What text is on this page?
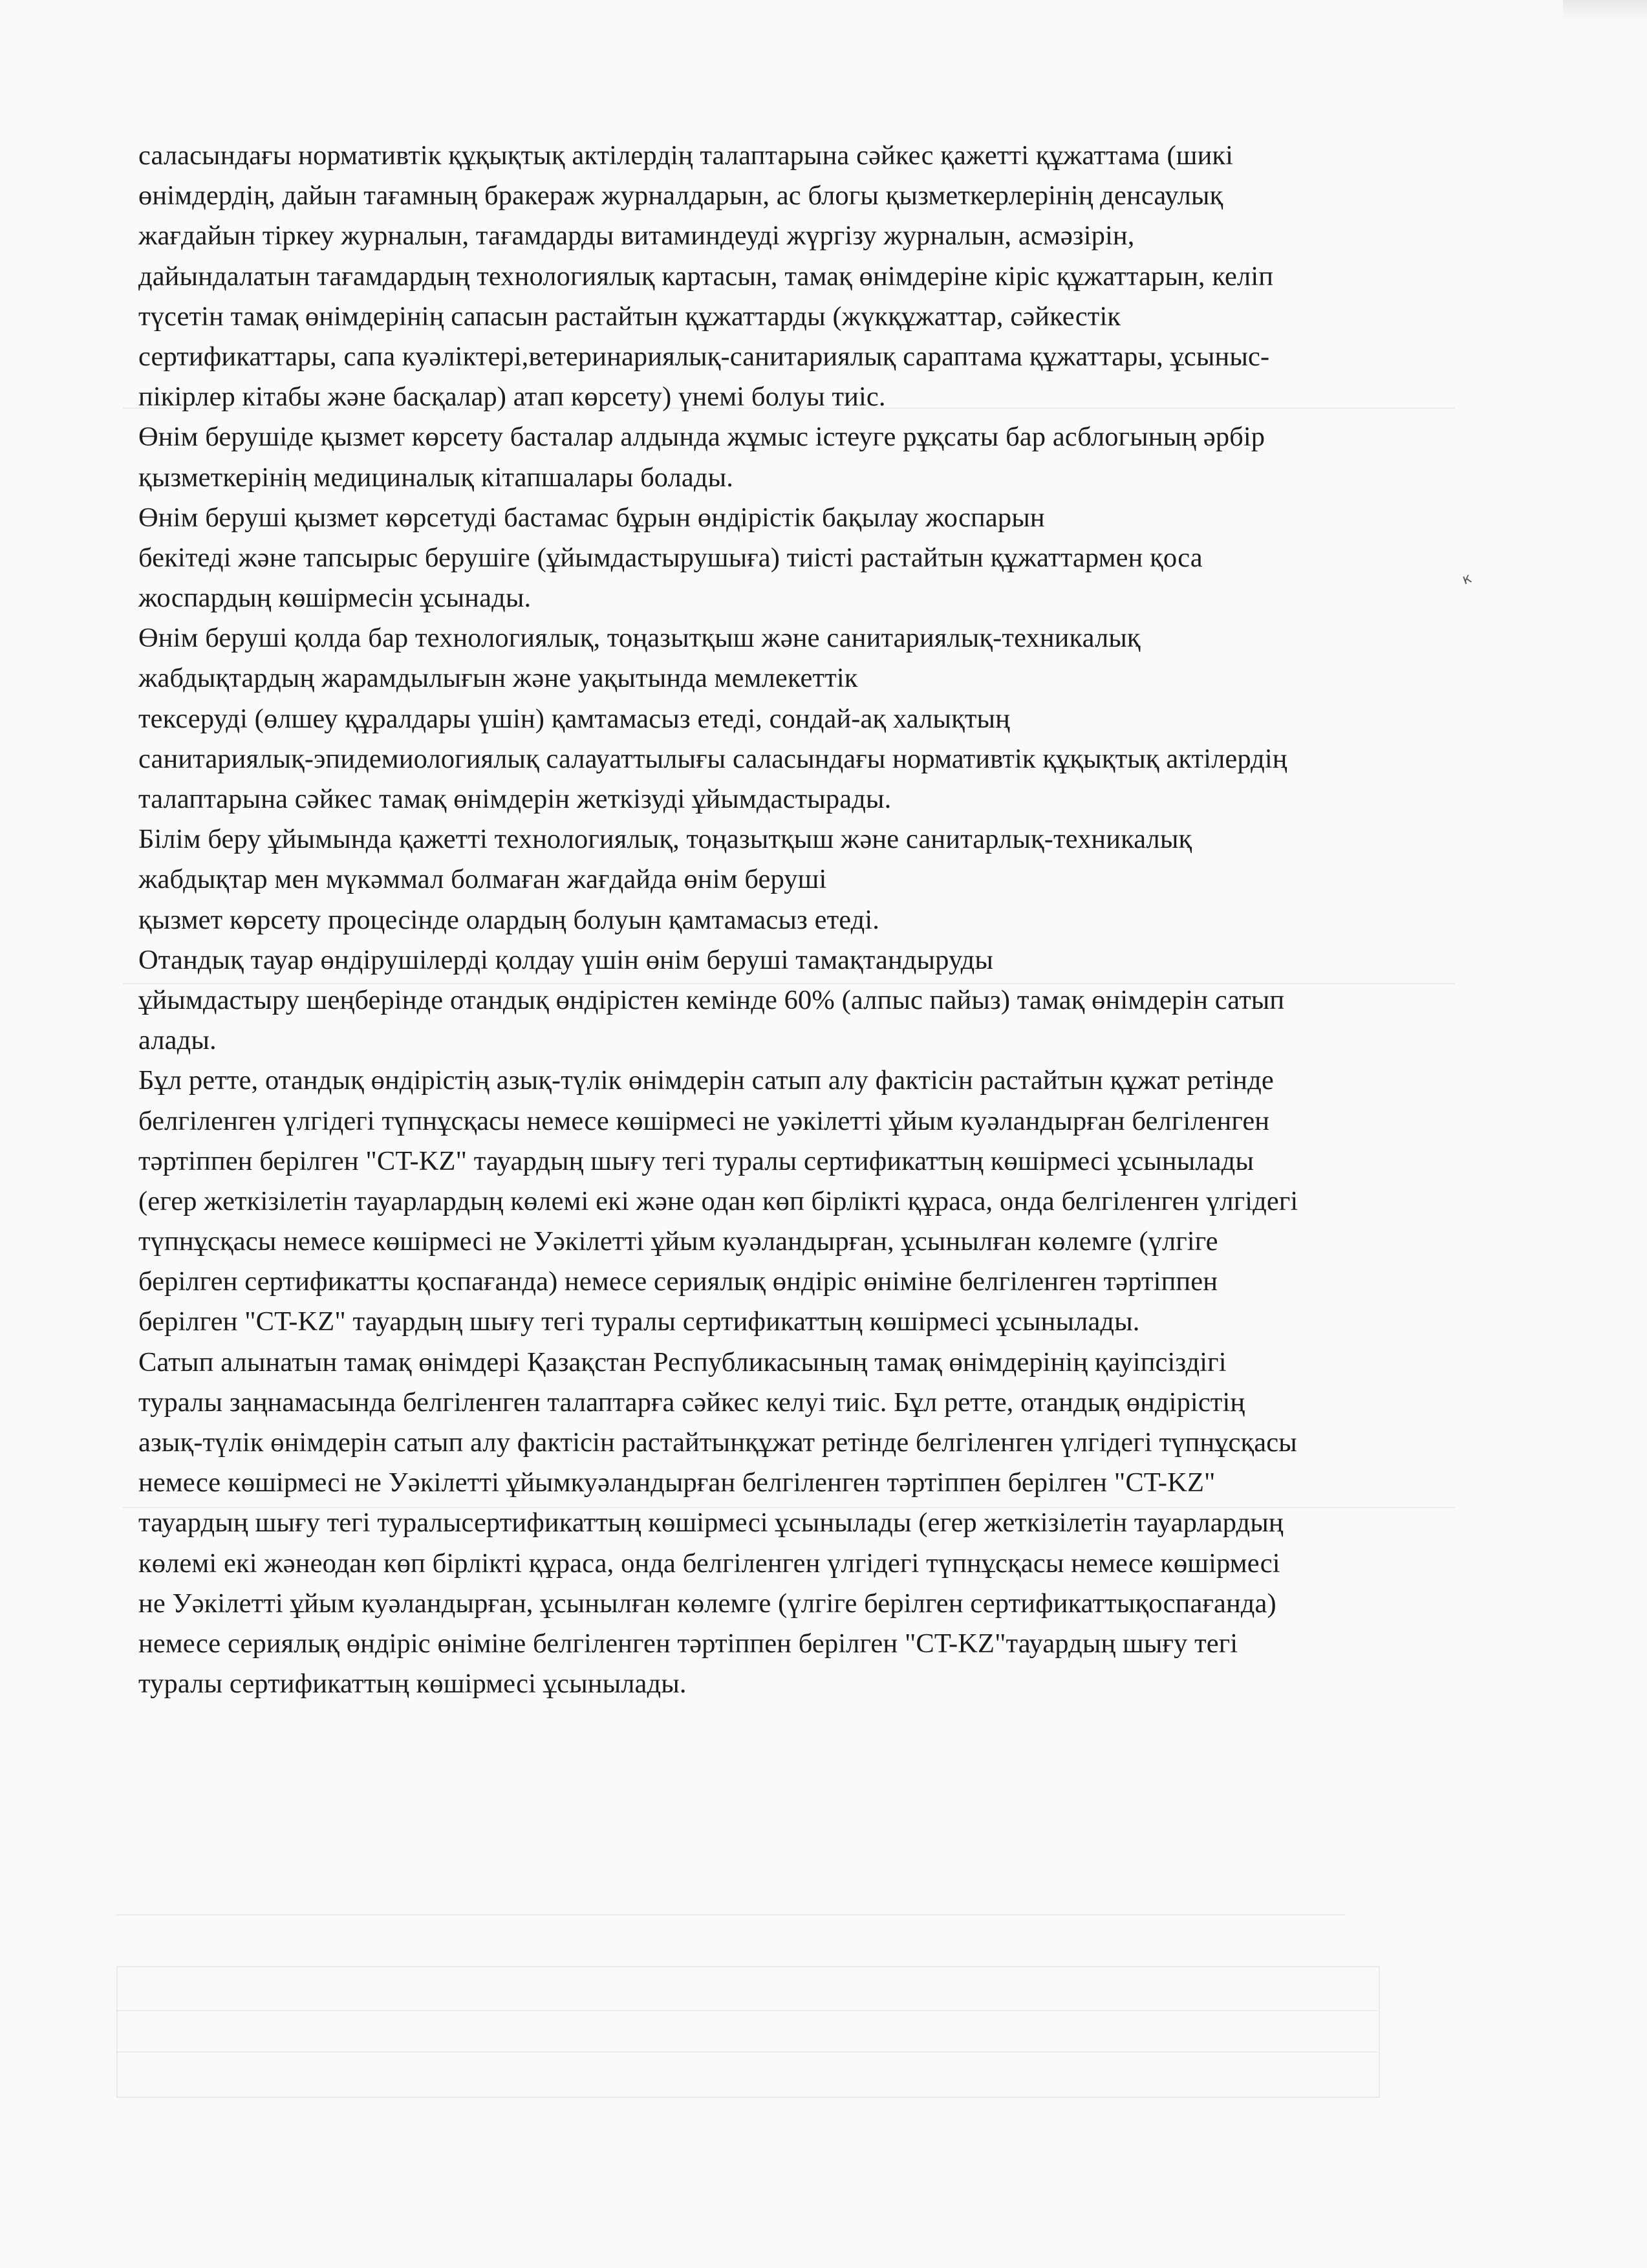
к
саласындағы нормативтік құқықтық актілердің талаптарына сәйкес қажетті құжаттама (шикі
өнімдердің, дайын тағамның бракераж журналдарын, ас блогы қызметкерлерінің денсаулық
жағдайын тіркеу журналын, тағамдарды витаминдеуді жүргізу журналын, асмәзірін,
дайындалатын тағамдардың технологиялық картасын, тамақ өнімдеріне кіріс құжаттарын, келіп
түсетін тамақ өнімдерінің сапасын растайтын құжаттарды (жүкқұжаттар, сәйкестік
сертификаттары, сапа куәліктері,ветеринариялық-санитариялық сараптама құжаттары, ұсыныс-
пікірлер кітабы және басқалар) атап көрсету) үнемі болуы тиіс.
Өнім берушіде қызмет көрсету басталар алдында жұмыс істеуге рұқсаты бар асблогының әрбір
қызметкерінің медициналық кітапшалары болады.
Өнім беруші қызмет көрсетуді бастамас бұрын өндірістік бақылау жоспарын
бекітеді және тапсырыс берушіге (ұйымдастырушыға) тиісті растайтын құжаттармен қоса
жоспардың көшірмесін ұсынады.
Өнім беруші қолда бар технологиялық, тоңазытқыш және санитариялық-техникалық
жабдықтардың жарамдылығын және уақытында мемлекеттік
тексеруді (өлшеу құралдары үшін) қамтамасыз етеді, сондай-ақ халықтың
санитариялық-эпидемиологиялық салауаттылығы саласындағы нормативтік құқықтық актілердің
талаптарына сәйкес тамақ өнімдерін жеткізуді ұйымдастырады.
Білім беру ұйымында қажетті технологиялық, тоңазытқыш және санитарлық-техникалық
жабдықтар мен мүкәммал болмаған жағдайда өнім беруші
қызмет көрсету процесінде олардың болуын қамтамасыз етеді.
Отандық тауар өндірушілерді қолдау үшін өнім беруші тамақтандыруды
ұйымдастыру шеңберінде отандық өндірістен кемінде 60% (алпыс пайыз) тамақ өнімдерін сатып
алады.
Бұл ретте, отандық өндірістің азық-түлік өнімдерін сатып алу фактісін растайтын құжат ретінде
белгіленген үлгідегі түпнұсқасы немесе көшірмесі не уәкілетті ұйым куәландырған белгіленген
тәртіппен берілген "CT-KZ" тауардың шығу тегі туралы сертификаттың көшірмесі ұсынылады
(егер жеткізілетін тауарлардың көлемі екі және одан көп бірлікті құраса, онда белгіленген үлгідегі
түпнұсқасы немесе көшірмесі не Уәкілетті ұйым куәландырған, ұсынылған көлемге (үлгіге
берілген сертификатты қоспағанда) немесе сериялық өндіріс өніміне белгіленген тәртіппен
берілген "CT-KZ" тауардың шығу тегі туралы сертификаттың көшірмесі ұсынылады.
Сатып алынатын тамақ өнімдері Қазақстан Республикасының тамақ өнімдерінің қауіпсіздігі
туралы заңнамасында белгіленген талаптарға сәйкес келуі тиіс. Бұл ретте, отандық өндірістің
азық-түлік өнімдерін сатып алу фактісін растайтынқұжат ретінде белгіленген үлгідегі түпнұсқасы
немесе көшірмесі не Уәкілетті ұйымкуәландырған белгіленген тәртіппен берілген "CT-KZ"
тауардың шығу тегі туралысертификаттың көшірмесі ұсынылады (егер жеткізілетін тауарлардың
көлемі екі жәнеодан көп бірлікті құраса, онда белгіленген үлгідегі түпнұсқасы немесе көшірмесі
не Уәкілетті ұйым куәландырған, ұсынылған көлемге (үлгіге берілген сертификаттықоспағанда)
немесе сериялық өндіріс өніміне белгіленген тәртіппен берілген "CT-KZ"тауардың шығу тегі
туралы сертификаттың көшірмесі ұсынылады.
